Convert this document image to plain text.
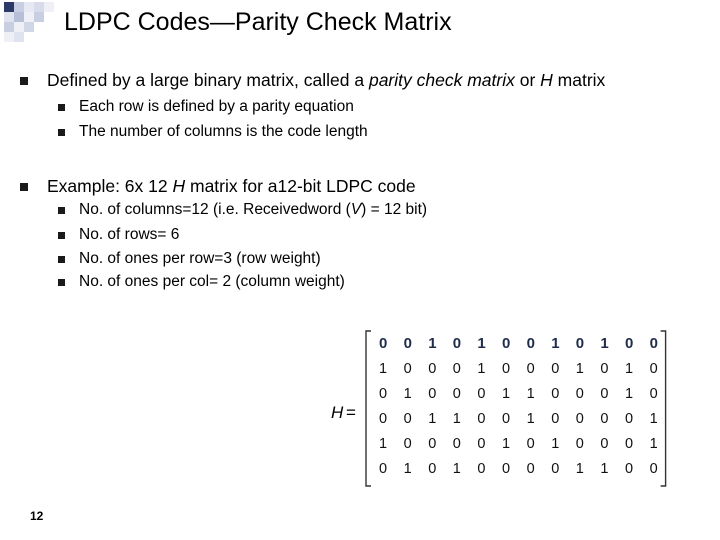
LDPC Codes—Parity Check Matrix
Defined by a large binary matrix, called a parity check matrix or H matrix
Each row is defined by a parity equation
The number of columns is the code length
Example: 6x 12 H matrix for a12-bit LDPC code
No. of columns=12 (i.e. Receivedword (V) = 12 bit)
No. of rows= 6
No. of ones per row=3 (row weight)
No. of ones per col= 2 (column weight)
H =
0 0 1 0 1 0 0 1 0 1 0 0
1 0 0 0 1 0 0 0 1 0 1 0
0 1 0 0 0 1 1 0 0 0 1 0
0 0 1 1 0 0 1 0 0 0 0 1
1 0 0 0 0 1 0 1 0 0 0 1
0 1 0 1 0 0 0 0 1 1 0 0
12
